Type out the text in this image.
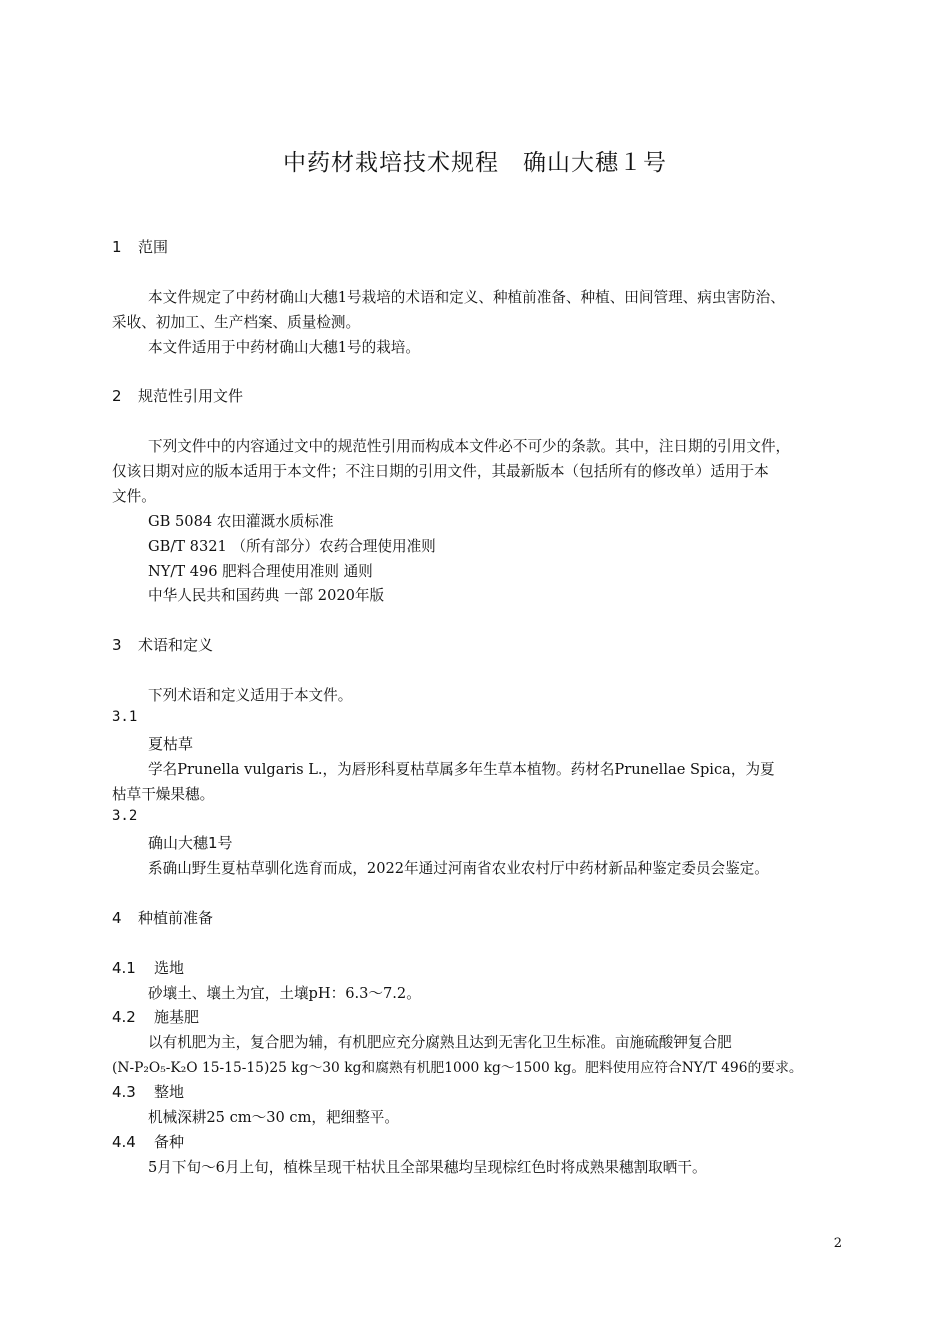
中药材栽培技术规程　确山大穗１号
1 范围
本文件规定了中药材确山大穗1号栽培的术语和定义、种植前准备、种植、田间管理、病虫害防治、
采收、初加工、生产档案、质量检测。
本文件适用于中药材确山大穗1号的栽培。
2 规范性引用文件
下列文件中的内容通过文中的规范性引用而构成本文件必不可少的条款。其中，注日期的引用文件，
仅该日期对应的版本适用于本文件；不注日期的引用文件，其最新版本（包括所有的修改单）适用于本
文件。
GB 5084 农田灌溉水质标准
GB/T 8321 （所有部分）农药合理使用准则
NY/T 496 肥料合理使用准则 通则
中华人民共和国药典 一部 2020年版
3 术语和定义
下列术语和定义适用于本文件。
3.1
夏枯草
学名Prunella vulgaris L.，为唇形科夏枯草属多年生草本植物。药材名Prunellae Spica，为夏
枯草干燥果穗。
3.2
确山大穗1号
系确山野生夏枯草驯化选育而成，2022年通过河南省农业农村厅中药材新品种鉴定委员会鉴定。
4 种植前准备
4.1 选地
砂壤土、壤土为宜，土壤pH：6.3～7.2。
4.2 施基肥
以有机肥为主，复合肥为辅，有机肥应充分腐熟且达到无害化卫生标准。亩施硫酸钾复合肥
(N-P₂O₅-K₂O 15-15-15)25 kg～30 kg和腐熟有机肥1000 kg～1500 kg。肥料使用应符合NY/T 496的要求。
4.3 整地
机械深耕25 cm～30 cm，耙细整平。
4.4 备种
5月下旬～6月上旬，植株呈现干枯状且全部果穗均呈现棕红色时将成熟果穗割取晒干。
2
